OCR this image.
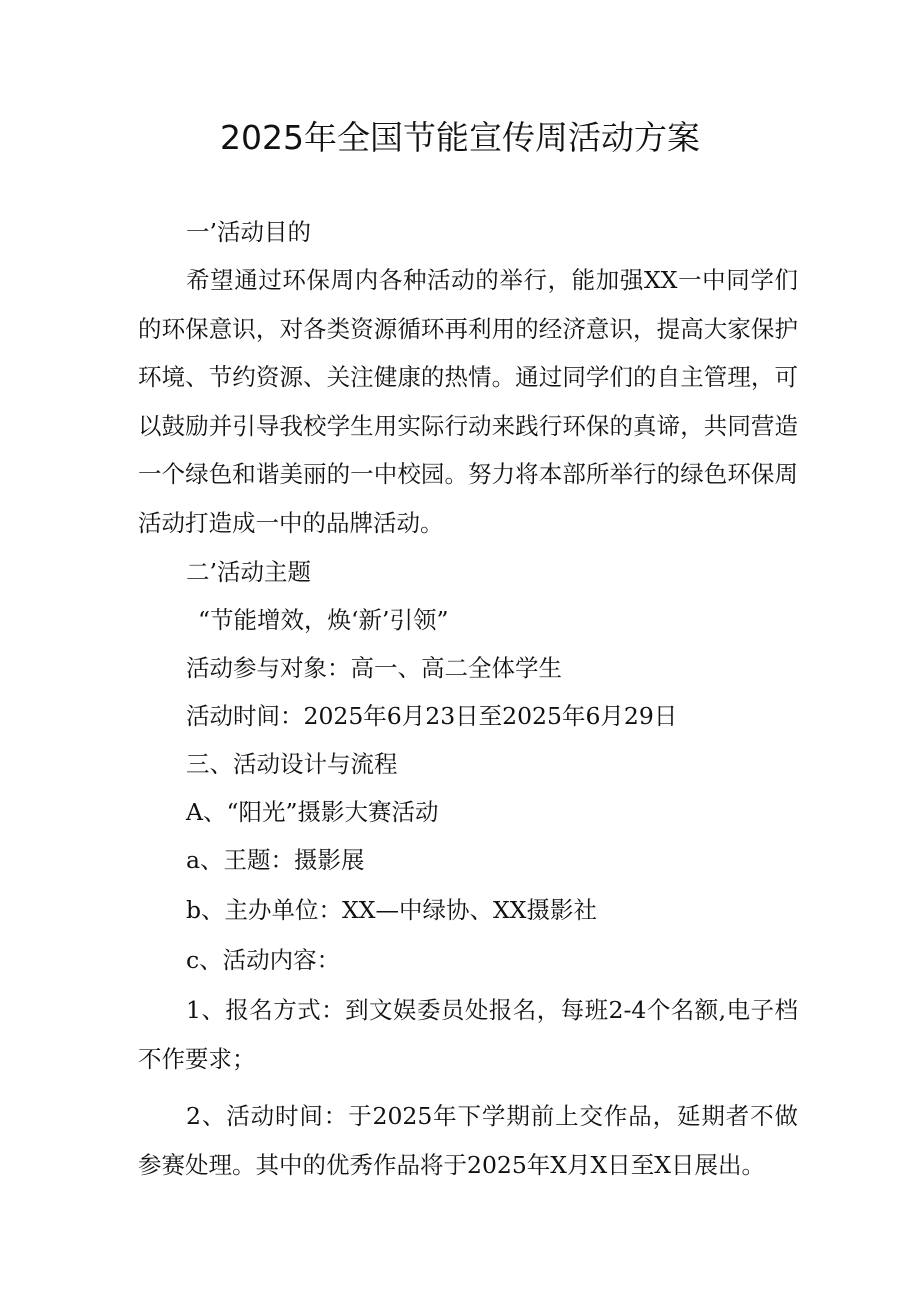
2025年全国节能宣传周活动方案
一’活动目的
希望通过环保周内各种活动的举行，能加强XX一中同学们的环保意识，对各类资源循环再利用的经济意识，提高大家保护环境、节约资源、关注健康的热情。通过同学们的自主管理，可以鼓励并引导我校学生用实际行动来践行环保的真谛，共同营造一个绿色和谐美丽的一中校园。努力将本部所举行的绿色环保周活动打造成一中的品牌活动。
二’活动主题
“节能增效，焕‘新’引领”
活动参与对象：高一、高二全体学生
活动时间：2025年6月23日至2025年6月29日
三、活动设计与流程
A、“阳光”摄影大赛活动
a、王题：摄影展
b、主办单位：XX—中绿协、XX摄影社
c、活动内容：
1、报名方式：到文娱委员处报名，每班2-4个名额,电子档不作要求；
2、活动时间：于2025年下学期前上交作品，延期者不做参赛处理。其中的优秀作品将于2025年X月X日至X日展出。
